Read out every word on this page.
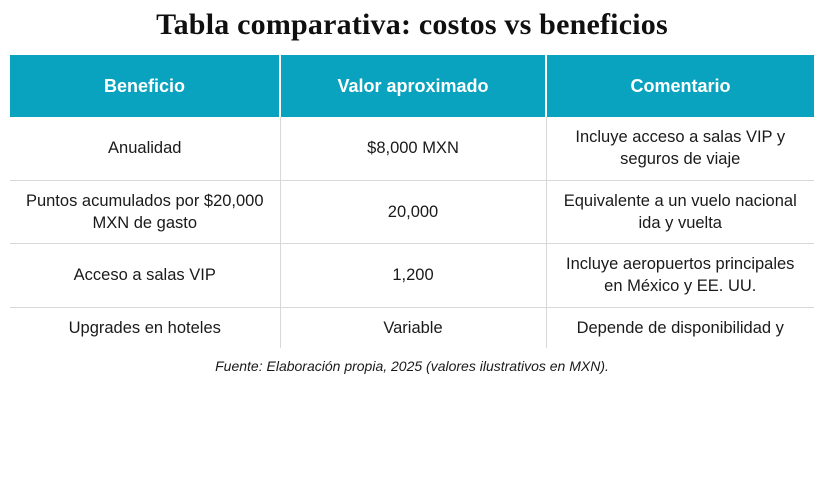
Tabla comparativa: costos vs beneficios
Beneficio	Valor aproximado	Comentario
Anualidad	$8,000 MXN	Incluye acceso a salas VIP y seguros de viaje
Puntos acumulados por $20,000 MXN de gasto	20,000	Equivalente a un vuelo nacional ida y vuelta
Acceso a salas VIP	1,200	Incluye aeropuertos principales en México y EE. UU.
Upgrades en hoteles	Variable	Depende de disponibilidad y
Fuente: Elaboración propia, 2025 (valores ilustrativos en MXN).
